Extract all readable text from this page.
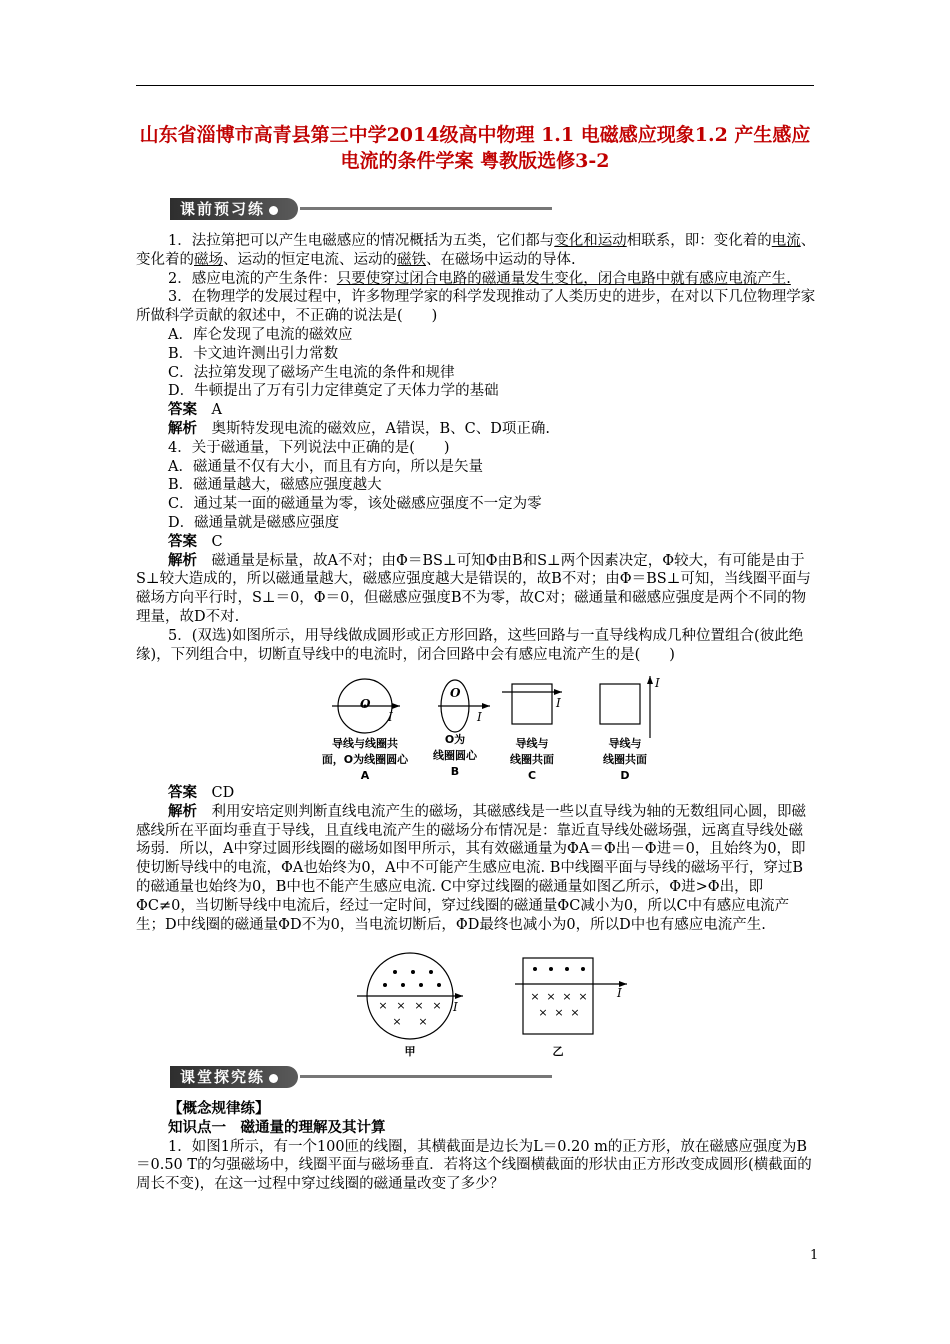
山东省淄博市高青县第三中学2014级高中物理 1.1 电磁感应现象1.2 产生感应电流的条件学案 粤教版选修3-2
课前预习练

1．法拉第把可以产生电磁感应的情况概括为五类，它们都与变化和运动相联系，即：变化着的电流、变化着的磁场、运动的恒定电流、运动的磁铁、在磁场中运动的导体.

2．感应电流的产生条件：只要使穿过闭合电路的磁通量发生变化，闭合电路中就有感应电流产生.

3．在物理学的发展过程中，许多物理学家的科学发现推动了人类历史的进步，在对以下几位物理学家所做科学贡献的叙述中，不正确的说法是(　　)

A．库仑发现了电流的磁效应

B．卡文迪许测出引力常数

C．法拉第发现了磁场产生电流的条件和规律

D．牛顿提出了万有引力定律奠定了天体力学的基础

答案　 A

解析　 奥斯特发现电流的磁效应，A错误，B、C、D项正确.

4．关于磁通量，下列说法中正确的是(　　)

A．磁通量不仅有大小，而且有方向，所以是矢量

B．磁通量越大，磁感应强度越大

C．通过某一面的磁通量为零，该处磁感应强度不一定为零

D．磁通量就是磁感应强度

答案　 C

解析　 磁通量是标量，故A不对；由Φ＝BS⊥可知Φ由B和S⊥两个因素决定，Φ较大，有可能是由于S⊥较大造成的，所以磁通量越大，磁感应强度越大是错误的，故B不对；由Φ＝BS⊥可知，当线圈平面与磁场方向平行时，S⊥＝0，Φ＝0，但磁感应强度B不为零，故C对；磁通量和磁感应强度是两个不同的物理量，故D不对.

5．(双选)如图所示，用导线做成圆形或正方形回路，这些回路与一直导线构成几种位置组合(彼此绝缘)，下列组合中，切断直导线中的电流时，闭合回路中会有感应电流产生的是(　　)

O
I
O
I
I
I
导线与线圈共
面，O为线圈圆心
A
O为
线圈圆心
B
导线与
线圈共面
C
导线与
线圈共面
D

答案　 CD

解析　 利用安培定则判断直线电流产生的磁场，其磁感线是一些以直导线为轴的无数组同心圆，即磁感线所在平面均垂直于导线，且直线电流产生的磁场分布情况是：靠近直导线处磁场强，远离直导线处磁场弱．所以，A中穿过圆形线圈的磁场如图甲所示，其有效磁通量为ΦA＝Φ出－Φ进＝0，且始终为0，即使切断导线中的电流，ΦA也始终为0，A中不可能产生感应电流. B中线圈平面与导线的磁场平行，穿过B的磁通量也始终为0，B中也不能产生感应电流. C中穿过线圈的磁通量如图乙所示，Φ进>Φ出，即ΦC≠0，当切断导线中电流后，经过一定时间，穿过线圈的磁通量ΦC减小为0，所以C中有感应电流产生；D中线圈的磁通量ΦD不为0，当电流切断后，ΦD最终也减小为0，所以D中也有感应电流产生.

× × × ×
× ×
× × × ×
× × ×
I
I
甲	乙
课堂探究练

【概念规律练】

知识点一　磁通量的理解及其计算

1．如图1所示，有一个100匝的线圈，其横截面是边长为L＝0.20 m的正方形，放在磁感应强度为B＝0.50 T的匀强磁场中，线圈平面与磁场垂直．若将这个线圈横截面的形状由正方形改变成圆形(横截面的周长不变)，在这一过程中穿过线圈的磁通量改变了多少？

1
